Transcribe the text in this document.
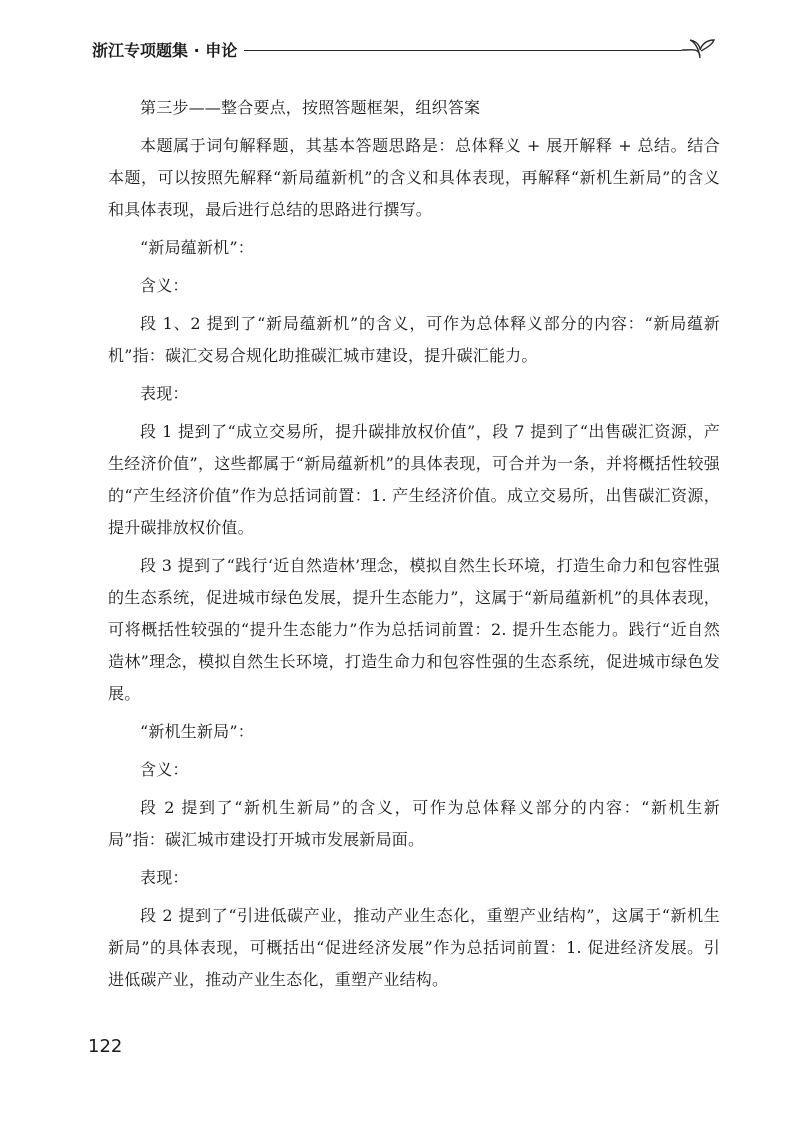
浙江专项题集 · 申论

第三步——整合要点，按照答题框架，组织答案

本题属于词句解释题，其基本答题思路是：总体释义 + 展开解释 + 总结。结合本题，可以按照先解释“新局蕴新机”的含义和具体表现，再解释“新机生新局”的含义和具体表现，最后进行总结的思路进行撰写。

“新局蕴新机”：

含义：

段 1、2 提到了“新局蕴新机”的含义，可作为总体释义部分的内容：“新局蕴新机”指：碳汇交易合规化助推碳汇城市建设，提升碳汇能力。

表现：

段 1 提到了“成立交易所，提升碳排放权价值”，段 7 提到了“出售碳汇资源，产生经济价值”，这些都属于“新局蕴新机”的具体表现，可合并为一条，并将概括性较强的“产生经济价值”作为总括词前置：1. 产生经济价值。成立交易所，出售碳汇资源，提升碳排放权价值。

段 3 提到了“践行‘近自然造林’理念，模拟自然生长环境，打造生命力和包容性强的生态系统，促进城市绿色发展，提升生态能力”，这属于“新局蕴新机”的具体表现，可将概括性较强的“提升生态能力”作为总括词前置：2. 提升生态能力。践行“近自然造林”理念，模拟自然生长环境，打造生命力和包容性强的生态系统，促进城市绿色发展。

“新机生新局”：

含义：

段 2 提到了“新机生新局”的含义，可作为总体释义部分的内容：“新机生新局”指：碳汇城市建设打开城市发展新局面。

表现：

段 2 提到了“引进低碳产业，推动产业生态化，重塑产业结构”，这属于“新机生新局”的具体表现，可概括出“促进经济发展”作为总括词前置：1. 促进经济发展。引进低碳产业，推动产业生态化，重塑产业结构。

122
